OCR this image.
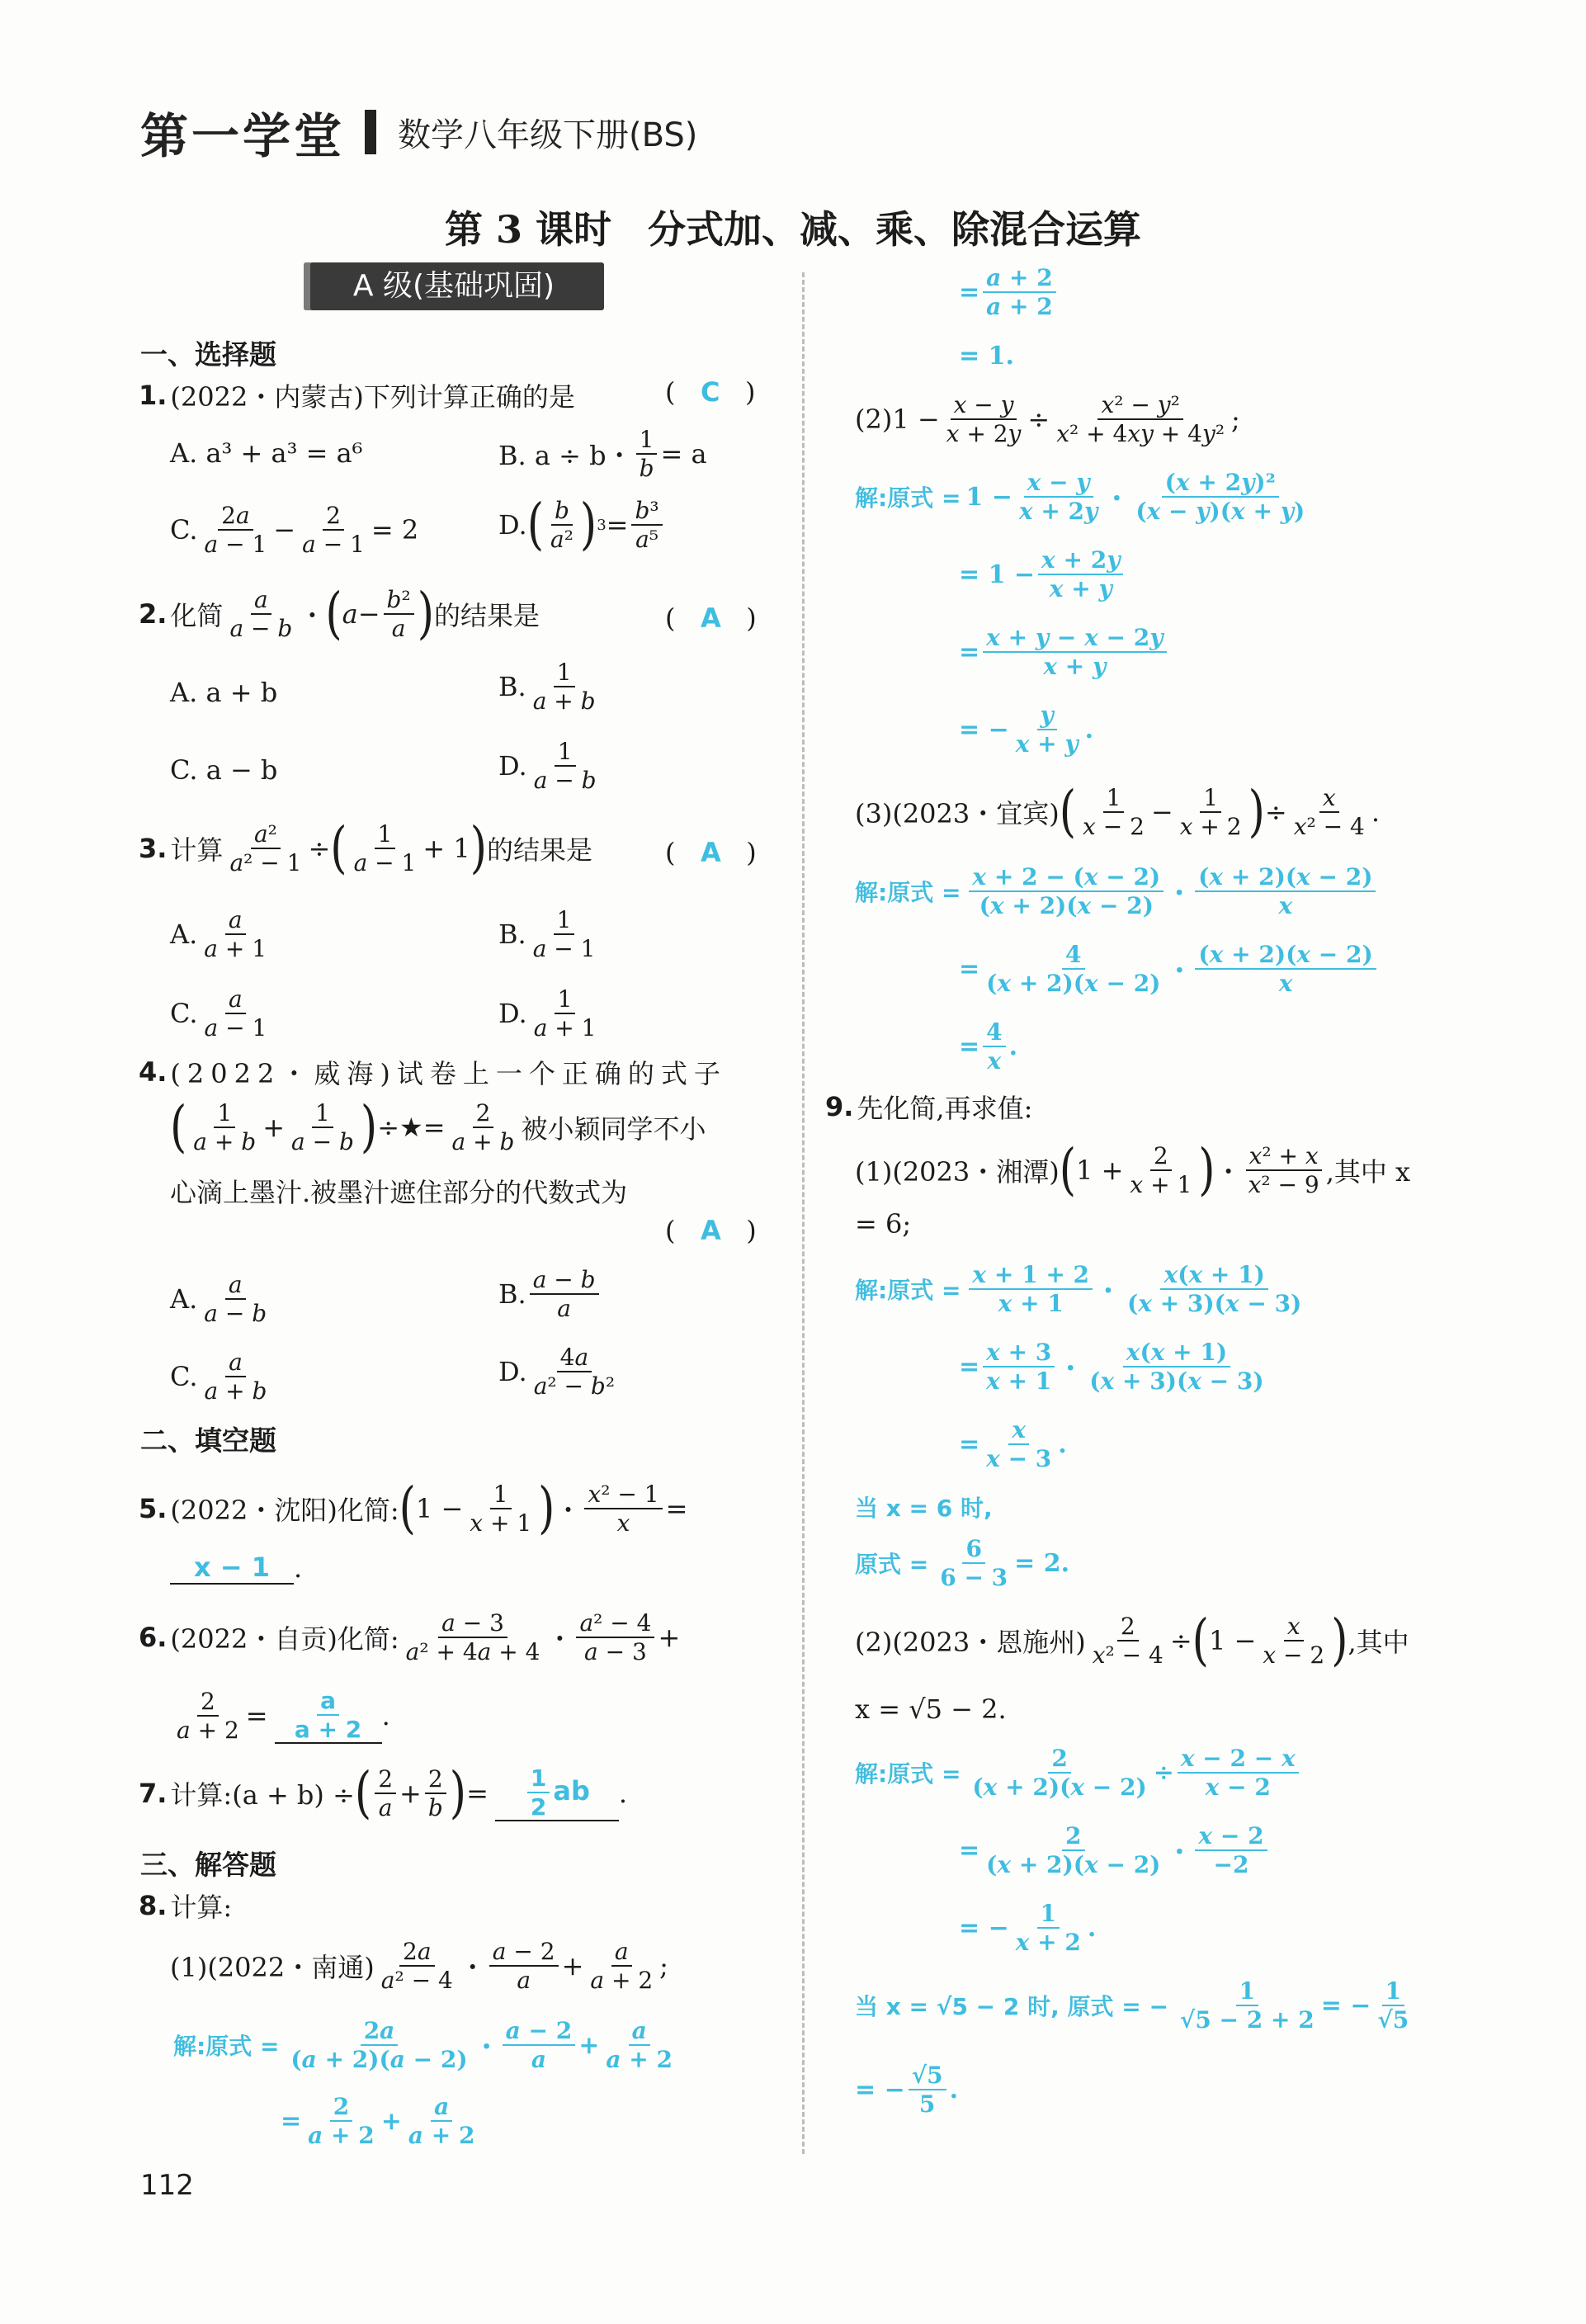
第一学堂 数学八年级下册(BS)
第 3 课时 分式加、减、乘、除混合运算
A 级(基础巩固)
一、选择题
1. (2022・内蒙古)下列计算正确的是	(   C   )
A. a³ + a³ = a⁶	B. a ÷ b・ $\frac{1}{b} = a$
C. $\frac{2a}{a - 1} - \frac{2}{a - 1} = 2$	D. ( $\frac{b}{\text{a²}}$ ) $3 = \frac{\text{b³}}{\text{a⁵}}$
2. 化简 $\frac{a}{a - b}$ ・ ( $a - \frac{\text{b²}}{a}$ ) 的结果是	(   A   )
A. a + b	B. $\frac{1}{a + b}$
C. a − b	D. $\frac{1}{a - b}$
3. 计算 $\frac{\text{a²}}{\text{a² − 1}}$ ÷ ( $\frac{1}{a - 1} + 1$ ) 的结果是	(   A   )
A. $\frac{a}{a + 1}$	B. $\frac{1}{a - 1}$
C. $\frac{a}{a - 1}$	D. $\frac{1}{a + 1}$
4. (2022・威海)试卷上一个正确的式子
( $\frac{1}{a + b} + \frac{1}{a - b}$ ) ÷★= $\frac{2}{a + b}$ 被小颖同学不小
心滴上墨汁.被墨汁遮住部分的代数式为
(   A   )
A. $\frac{a}{a - b}$	B. $\frac{a - b}{a}$
C. $\frac{a}{a + b}$	D. $\frac{4a}{\text{a² − b²}}$
二、填空题
5. (2022・沈阳)化简: ( $1 - \frac{1}{x + 1}$ ) ・ $\frac{\text{x² − 1}}{x}$ =
x − 1 .
6. (2022・自贡)化简: $\frac{a - 3}{\text{a² + 4a + 4}}$ ・ $\frac{\text{a² − 4}}{a - 3}$ +
$\frac{2}{a + 2} = \frac{a}{a + 2}$ .
7. 计算:(a + b) ÷ ( $\frac{2}{a} + \frac{2}{b}$ ) = $\frac{1}{2}$ ab	.
三、解答题
8. 计算:
(1)(2022・南通) $\frac{2a}{\text{a² − 4}}$ ・ $\frac{a - 2}{a} + \frac{a}{a + 2}$ ;
解:原式 = $\frac{2a}{(a + 2)(a - 2)}$ ・ $\frac{a - 2}{a} + \frac{a}{a + 2}$
= $\frac{2}{a + 2} + \frac{a}{a + 2}$
112
= $\frac{a + 2}{a + 2}$
= 1.
$(2)1 - \frac{x - y}{x + 2y} \div \frac{\text{x² − y²}}{\text{x² + 4xy + 4y²}}$ ;
解:原式 = $1 - \frac{x - y}{x + 2y}$ ・ $\frac{\text{(x + 2y)²}}{(x - y)(x + y)}$
= $1 - \frac{x + 2y}{x + y}$
= $\frac{x + y - x - 2y}{x + y}$
= − $\frac{y}{x + y}$ .
(3)(2023・宜宾) ( $\frac{1}{x - 2} - \frac{1}{x + 2}$ ) ÷ $\frac{x}{\text{x² − 4}}$ .
解:原式 = $\frac{x + 2 - (x - 2)}{(x + 2)(x - 2)}$ ・ $\frac{(x + 2)(x - 2)}{x}$
= $\frac{4}{(x + 2)(x - 2)}$ ・ $\frac{(x + 2)(x - 2)}{x}$
= $\frac{4}{x}$ .
9. 先化简,再求值:
(1)(2023・湘潭) ( $1 + \frac{2}{x + 1}$ ) ・ $\frac{\text{x² + x}}{\text{x² − 9}}$ ,其中 x
= 6;
解:原式 = $\frac{x + 1 + 2}{x + 1}$ ・ $\frac{x(x + 1)}{(x + 3)(x - 3)}$
= $\frac{x + 3}{x + 1}$ ・ $\frac{x(x + 1)}{(x + 3)(x - 3)}$
= $\frac{x}{x - 3}$ .
当 x = 6 时,
原式 = $\frac{6}{6 - 3} = 2$.
(2)(2023・恩施州) $\frac{2}{\text{x² − 4}}$ ÷ ( $1 - \frac{x}{x - 2}$ ) ,其中
x = √5 − 2.
解:原式 = $\frac{2}{(x + 2)(x - 2)} \div \frac{x - 2 - x}{x - 2}$
= $\frac{2}{(x + 2)(x - 2)}$ ・ $\frac{x - 2}{-2}$
= − $\frac{1}{x + 2}$ .
当 x = √5 − 2 时, 原式 = − $\frac{1}{√5 - 2 + 2}$ = − $\frac{1}{√5}$
= − $\frac{√5}{5}$ .
